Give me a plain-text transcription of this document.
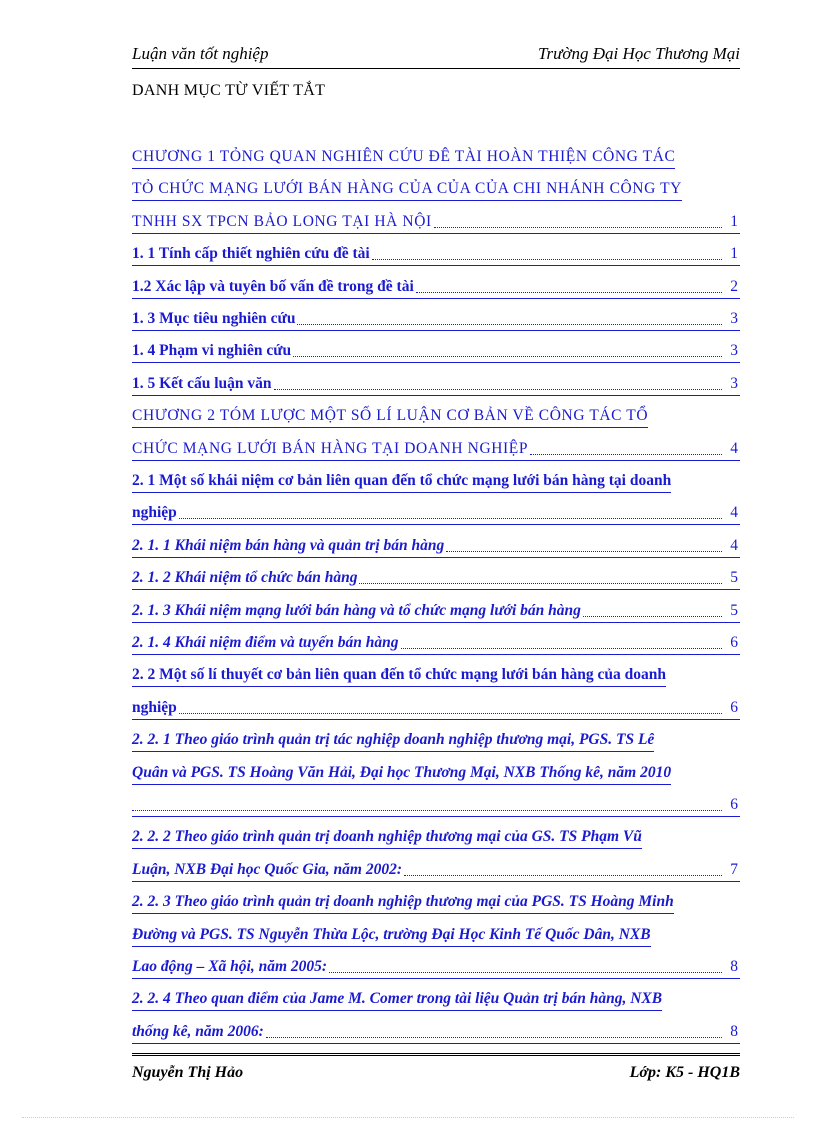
Luận văn tốt nghiệp	Trường Đại Học Thương Mại
DANH MỤC TỪ VIẾT TẮT
CHƯƠNG 1 TỎNG QUAN NGHIÊN CỨU ĐÊ TÀI HOÀN THIỆN CÔNG TÁC
TỎ CHỨC MẠNG LƯỚI BÁN HÀNG CỦA CỦA CỦA CHI NHÁNH CÔNG TY
TNHH SX TPCN BẢO LONG TẠI HÀ NỘI	1
1. 1 Tính cấp thiết nghiên cứu đề tài	1
1.2 Xác lập và tuyên bố vấn đề trong đề tài	2
1. 3 Mục tiêu nghiên cứu	3
1. 4 Phạm vi nghiên cứu	3
1. 5 Kết cấu luận văn	3
CHƯƠNG 2 TÓM LƯỢC MỘT SỐ LÍ LUẬN CƠ BẢN VỀ CÔNG TÁC TỔ
CHỨC MẠNG LƯỚI BÁN HÀNG TẠI DOANH NGHIỆP	4
2. 1 Một số khái niệm cơ bản liên quan đến tổ chức mạng lưới bán hàng tại doanh
nghiệp	4
2. 1. 1 Khái niệm bán hàng và quản trị bán hàng	4
2. 1. 2 Khái niệm tổ chức bán hàng	5
2. 1. 3 Khái niệm mạng lưới bán hàng và tổ chức mạng lưới bán hàng	5
2. 1. 4 Khái niệm điểm và tuyến bán hàng	6
2. 2 Một số lí thuyết cơ bản liên quan đến tổ chức mạng lưới bán hàng của doanh
nghiệp	6
2. 2. 1 Theo giáo trình quản trị tác nghiệp doanh nghiệp thương mại, PGS. TS Lê
Quân và PGS. TS Hoàng Văn Hải, Đại học Thương Mại, NXB Thống kê, năm 2010
6
2. 2. 2 Theo giáo trình quản trị doanh nghiệp thương mại của GS. TS Phạm Vũ
Luận, NXB Đại học Quốc Gia, năm 2002:	7
2. 2. 3 Theo giáo trình quản trị doanh nghiệp thương mại của PGS. TS Hoàng Minh
Đường và PGS. TS Nguyễn Thừa Lộc, trường Đại Học Kinh Tế Quốc Dân, NXB
Lao động – Xã hội, năm 2005:	8
2. 2. 4 Theo quan điểm của Jame M. Comer trong tài liệu Quản trị bán hàng, NXB
thống kê, năm 2006:	8
Nguyễn Thị Hảo	Lớp: K5 - HQ1B
